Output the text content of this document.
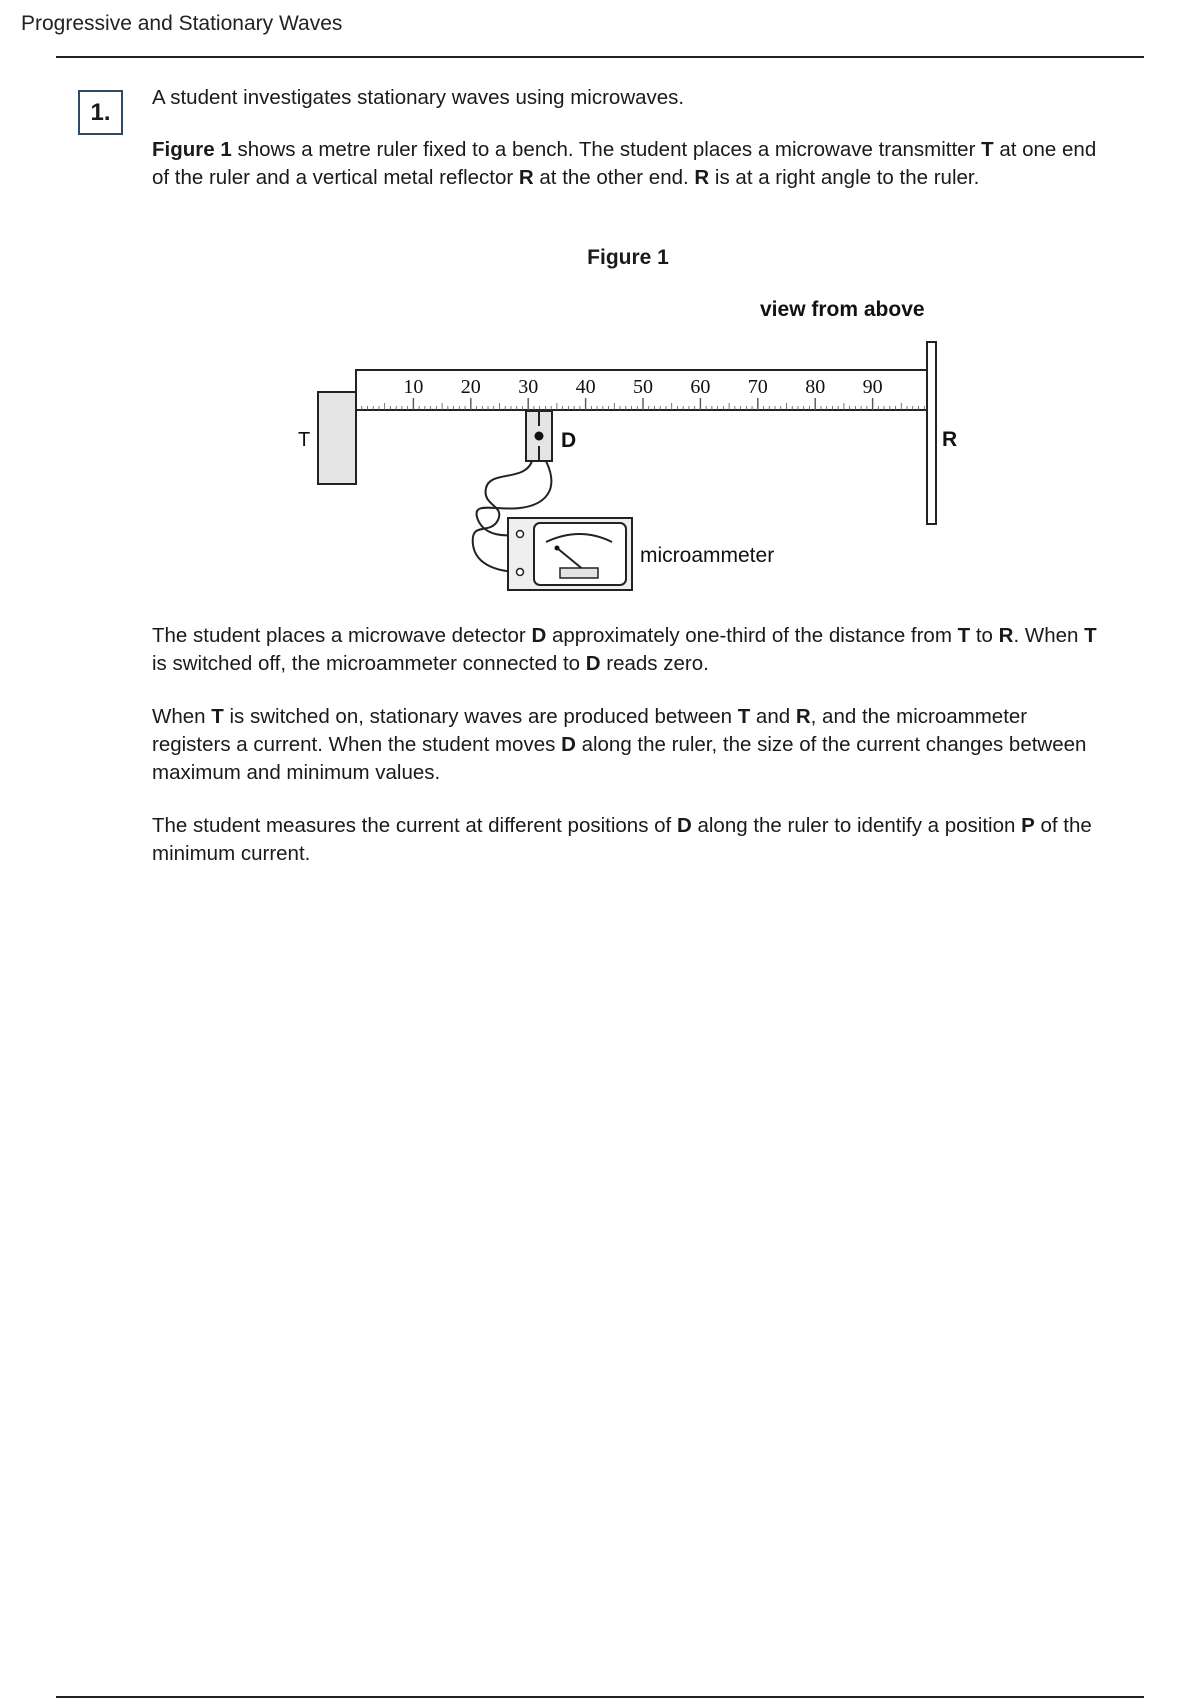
Progressive and Stationary Waves
1.

A student investigates stationary waves using microwaves.

Figure 1 shows a metre ruler fixed to a bench. The student places a microwave transmitter T at one end of the ruler and a vertical metal reflector R at the other end. R is at a right angle to the ruler.

Figure 1
view from above
T
10 20 30 40 50 60 70 80 90
R
D
microammeter

The student places a microwave detector D approximately one-third of the distance from T to R. When T is switched off, the microammeter connected to D reads zero.

When T is switched on, stationary waves are produced between T and R, and the microammeter registers a current. When the student moves D along the ruler, the size of the current changes between maximum and minimum values.

The student measures the current at different positions of D along the ruler to identify a position P of the minimum current.
